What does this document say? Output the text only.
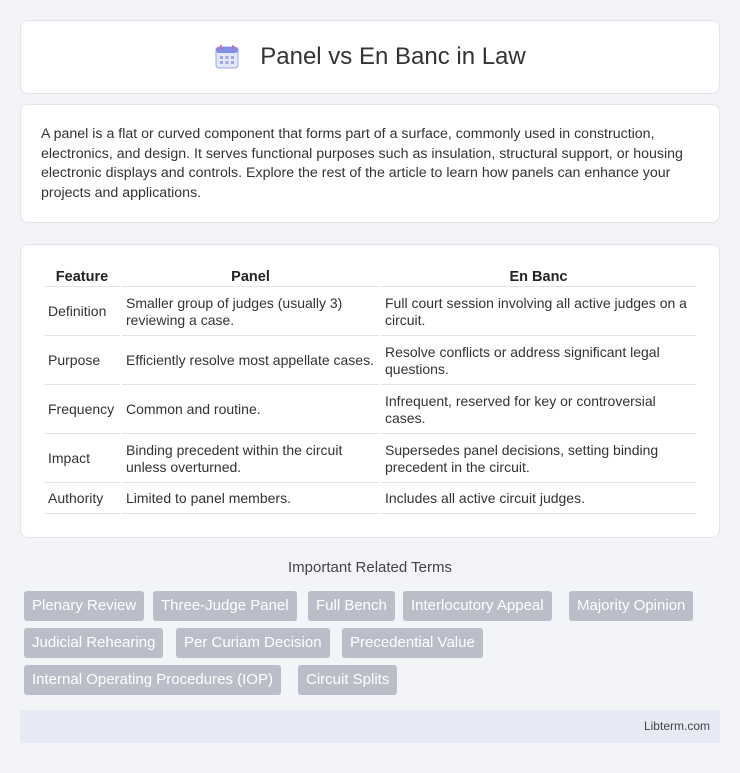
Panel vs En Banc in Law

A panel is a flat or curved component that forms part of a surface, commonly used in construction, electronics, and design. It serves functional purposes such as insulation, structural support, or housing electronic displays and controls. Explore the rest of the article to learn how panels can enhance your projects and applications.

Feature	Panel	En Banc
Definition	Smaller group of judges (usually 3) reviewing a case.	Full court session involving all active judges on a circuit.
Purpose	Efficiently resolve most appellate cases.	Resolve conflicts or address significant legal questions.
Frequency	Common and routine.	Infrequent, reserved for key or controversial cases.
Impact	Binding precedent within the circuit unless overturned.	Supersedes panel decisions, setting binding precedent in the circuit.
Authority	Limited to panel members.	Includes all active circuit judges.
Important Related Terms
Plenary Review	Three-Judge Panel	Full Bench	Interlocutory Appeal	Majority Opinion
Judicial Rehearing	Per Curiam Decision	Precedential Value
Internal Operating Procedures (IOP)	Circuit Splits
Libterm.com
